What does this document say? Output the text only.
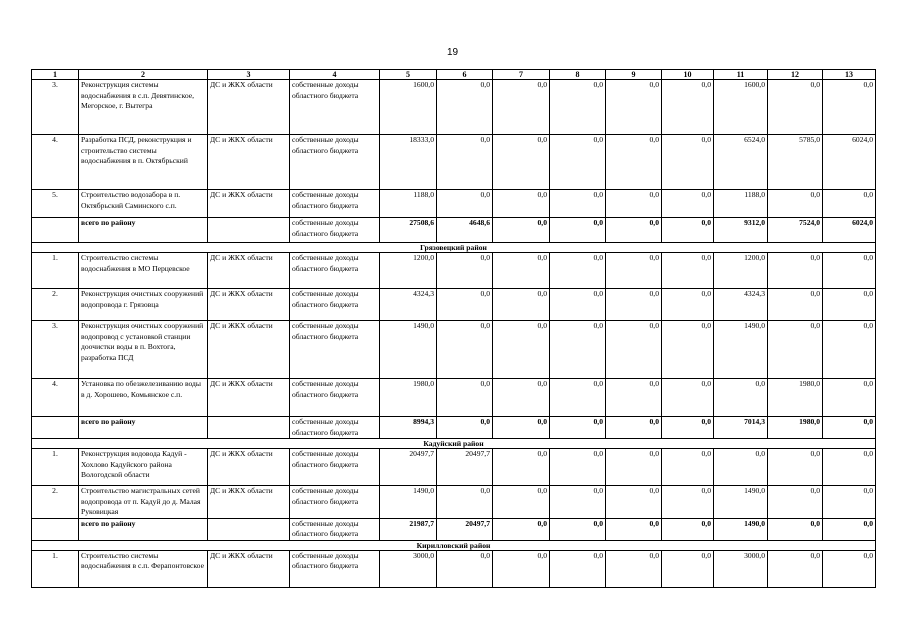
19
1	2	3	4	5	6	7	8	9	10	11	12	13
3.	Реконструкция системы водоснабжения в с.п. Девятинское, Мегорское, г. Вытегра	ДС и ЖКХ области	собственные доходы областного бюджета	1600,0	0,0	0,0	0,0	0,0	0,0	1600,0	0,0	0,0
4.	Разработка ПСД, реконструкция и строительство системы водоснабжения в п. Октябрьский	ДС и ЖКХ области	собственные доходы областного бюджета	18333,0	0,0	0,0	0,0	0,0	0,0	6524,0	5785,0	6024,0
5.	Строительство водозабора в п. Октябрьский Саминского с.п.	ДС и ЖКХ области	собственные доходы областного бюджета	1188,0	0,0	0,0	0,0	0,0	0,0	1188,0	0,0	0,0
	всего по району		собственные доходы областного бюджета	27508,6	4648,6	0,0	0,0	0,0	0,0	9312,0	7524,0	6024,0
Грязовецкий район												
1.	Строительство системы водоснабжения в МО Перцевское	ДС и ЖКХ области	собственные доходы областного бюджета	1200,0	0,0	0,0	0,0	0,0	0,0	1200,0	0,0	0,0
2.	Реконструкция очистных сооружений водопровода г. Грязовца	ДС и ЖКХ области	собственные доходы областного бюджета	4324,3	0,0	0,0	0,0	0,0	0,0	4324,3	0,0	0,0
3.	Реконструкция очистных сооружений водопровод с установкой станции доочистки воды в п. Вохтога, разработка ПСД	ДС и ЖКХ области	собственные доходы областного бюджета	1490,0	0,0	0,0	0,0	0,0	0,0	1490,0	0,0	0,0
4.	Установка по обезжелезиванию воды в д. Хорошево, Комьянское с.п.	ДС и ЖКХ области	собственные доходы областного бюджета	1980,0	0,0	0,0	0,0	0,0	0,0	0,0	1980,0	0,0
	всего по району		собственные доходы областного бюджета	8994,3	0,0	0,0	0,0	0,0	0,0	7014,3	1980,0	0,0
Кадуйский район												
1.	Реконструкция водовода Кадуй - Хохлово Кадуйского района Вологодской области	ДС и ЖКХ области	собственные доходы областного бюджета	20497,7	20497,7	0,0	0,0	0,0	0,0	0,0	0,0	0,0
2.	Строительство магистральных сетей водопровода от п. Кадуй до д. Малая Руковицкая	ДС и ЖКХ области	собственные доходы областного бюджета	1490,0	0,0	0,0	0,0	0,0	0,0	1490,0	0,0	0,0
	всего по району		собственные доходы областного бюджета	21987,7	20497,7	0,0	0,0	0,0	0,0	1490,0	0,0	0,0
Кирилловский район												
1.	Строительство системы водоснабжения в с.п. Ферапонтовское	ДС и ЖКХ области	собственные доходы областного бюджета	3000,0	0,0	0,0	0,0	0,0	0,0	3000,0	0,0	0,0
